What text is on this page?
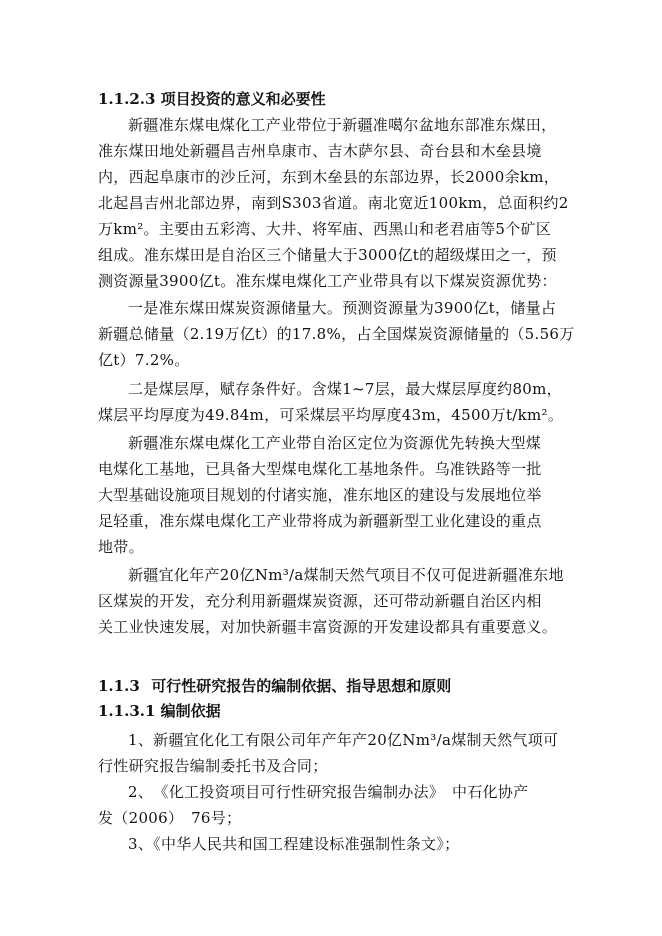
1.1.2.3 项目投资的意义和必要性
新疆准东煤电煤化工产业带位于新疆准噶尔盆地东部准东煤田，
准东煤田地处新疆昌吉州阜康市、吉木萨尔县、奇台县和木垒县境
内，西起阜康市的沙丘河，东到木垒县的东部边界，长2000余km，
北起昌吉州北部边界，南到S303省道。南北宽近100km，总面积约2
万km²。主要由五彩湾、大井、将军庙、西黑山和老君庙等5个矿区
组成。准东煤田是自治区三个储量大于3000亿t的超级煤田之一，预
测资源量3900亿t。准东煤电煤化工产业带具有以下煤炭资源优势：
一是准东煤田煤炭资源储量大。预测资源量为3900亿t，储量占
新疆总储量（2.19万亿t）的17.8%，占全国煤炭资源储量的（5.56万
亿t）7.2%。
二是煤层厚，赋存条件好。含煤1~7层，最大煤层厚度约80m，
煤层平均厚度为49.84m，可采煤层平均厚度43m，4500万t/km²。
新疆准东煤电煤化工产业带自治区定位为资源优先转换大型煤
电煤化工基地，已具备大型煤电煤化工基地条件。乌准铁路等一批
大型基础设施项目规划的付诸实施，准东地区的建设与发展地位举
足轻重，准东煤电煤化工产业带将成为新疆新型工业化建设的重点
地带。
新疆宜化年产20亿Nm³/a煤制天然气项目不仅可促进新疆准东地
区煤炭的开发，充分利用新疆煤炭资源，还可带动新疆自治区内相
关工业快速发展，对加快新疆丰富资源的开发建设都具有重要意义。
1.1.3 可行性研究报告的编制依据、指导思想和原则
1.1.3.1 编制依据
1、新疆宜化化工有限公司年产年产20亿Nm³/a煤制天然气项可
行性研究报告编制委托书及合同；
2、　《化工投资项目可行性研究报告编制办法》　中石化协产
发（2006）　76号；
3、《中华人民共和国工程建设标准强制性条文》；
